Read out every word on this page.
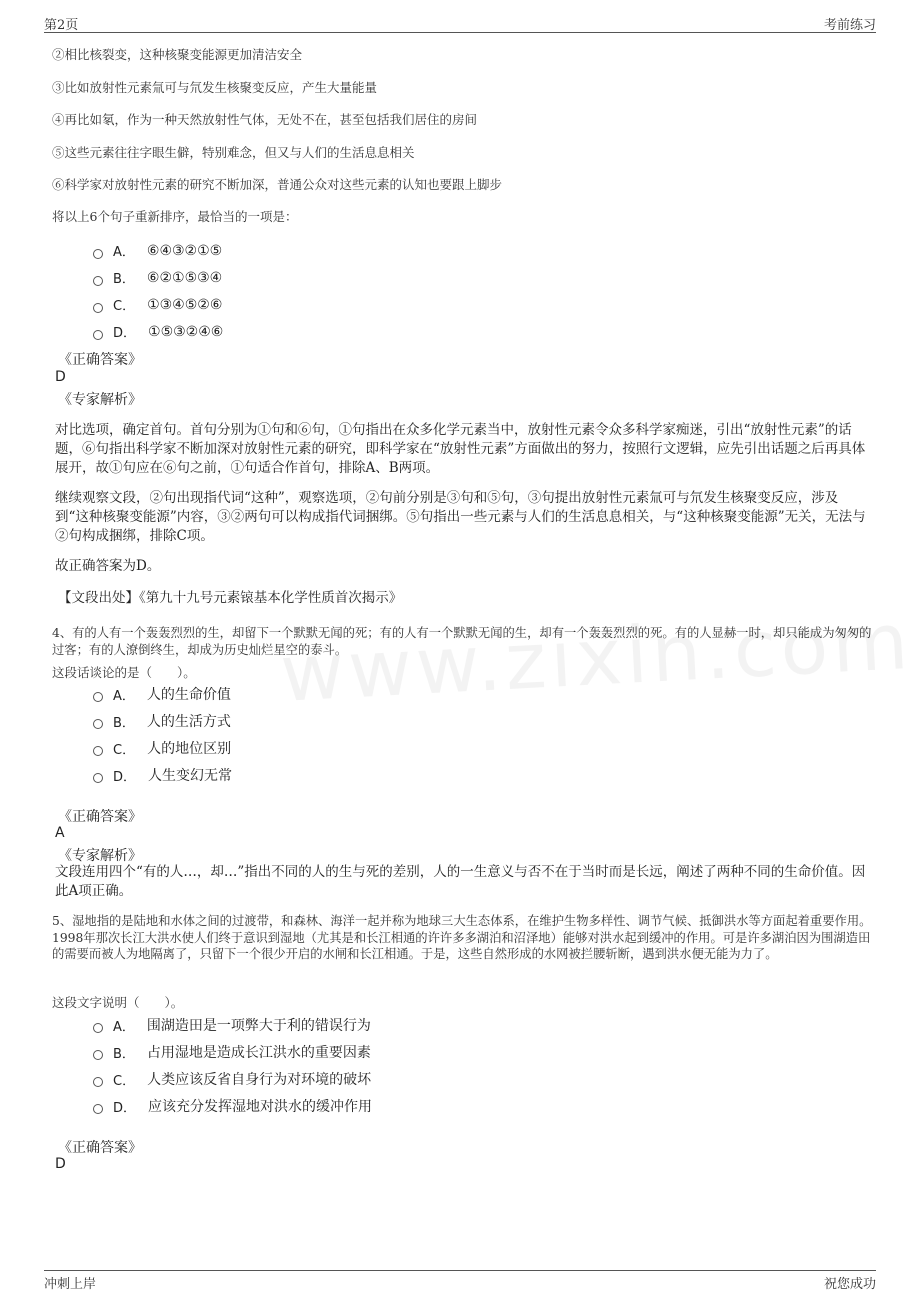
第2页	考前练习
②相比核裂变，这种核聚变能源更加清洁安全
③比如放射性元素氚可与氘发生核聚变反应，产生大量能量
④再比如氡，作为一种天然放射性气体，无处不在，甚至包括我们居住的房间
⑤这些元素往往字眼生僻，特别难念，但又与人们的生活息息相关
⑥科学家对放射性元素的研究不断加深，普通公众对这些元素的认知也要跟上脚步
将以上6个句子重新排序，最恰当的一项是：
A． ⑥④③②①⑤
B． ⑥②①⑤③④
C． ①③④⑤②⑥
D． ①⑤③②④⑥
《正确答案》
D
《专家解析》
对比选项，确定首句。首句分别为①句和⑥句，①句指出在众多化学元素当中，放射性元素令众多科学家痴迷，引出“放射性元素”的话题，⑥句指出科学家不断加深对放射性元素的研究，即科学家在“放射性元素”方面做出的努力，按照行文逻辑，应先引出话题之后再具体展开，故①句应在⑥句之前，①句适合作首句，排除A、B两项。
继续观察文段，②句出现指代词“这种”，观察选项，②句前分别是③句和⑤句，③句提出放射性元素氚可与氘发生核聚变反应，涉及到“这种核聚变能源”内容，③②两句可以构成指代词捆绑。⑤句指出一些元素与人们的生活息息相关，与“这种核聚变能源”无关，无法与②句构成捆绑，排除C项。
故正确答案为D。
【文段出处】《第九十九号元素锿基本化学性质首次揭示》
4、有的人有一个轰轰烈烈的生，却留下一个默默无闻的死；有的人有一个默默无闻的生，却有一个轰轰烈烈的死。有的人显赫一时，却只能成为匆匆的过客；有的人潦倒终生，却成为历史灿烂星空的泰斗。
这段话谈论的是（　　）。
A． 人的生命价值
B． 人的生活方式
C． 人的地位区别
D． 人生变幻无常
《正确答案》
A
《专家解析》
文段连用四个“有的人…，却…”指出不同的人的生与死的差别，人的一生意义与否不在于当时而是长远，阐述了两种不同的生命价值。因此A项正确。
5、湿地指的是陆地和水体之间的过渡带，和森林、海洋一起并称为地球三大生态体系，在维护生物多样性、调节气候、抵御洪水等方面起着重要作用。1998年那次长江大洪水使人们终于意识到湿地（尤其是和长江相通的许许多多湖泊和沼泽地）能够对洪水起到缓冲的作用。可是许多湖泊因为围湖造田的需要而被人为地隔离了，只留下一个很少开启的水闸和长江相通。于是，这些自然形成的水网被拦腰斩断，遇到洪水便无能为力了。
这段文字说明（　　）。
A． 围湖造田是一项弊大于利的错误行为
B． 占用湿地是造成长江洪水的重要因素
C． 人类应该反省自身行为对环境的破坏
D． 应该充分发挥湿地对洪水的缓冲作用
《正确答案》
D
冲刺上岸	祝您成功
